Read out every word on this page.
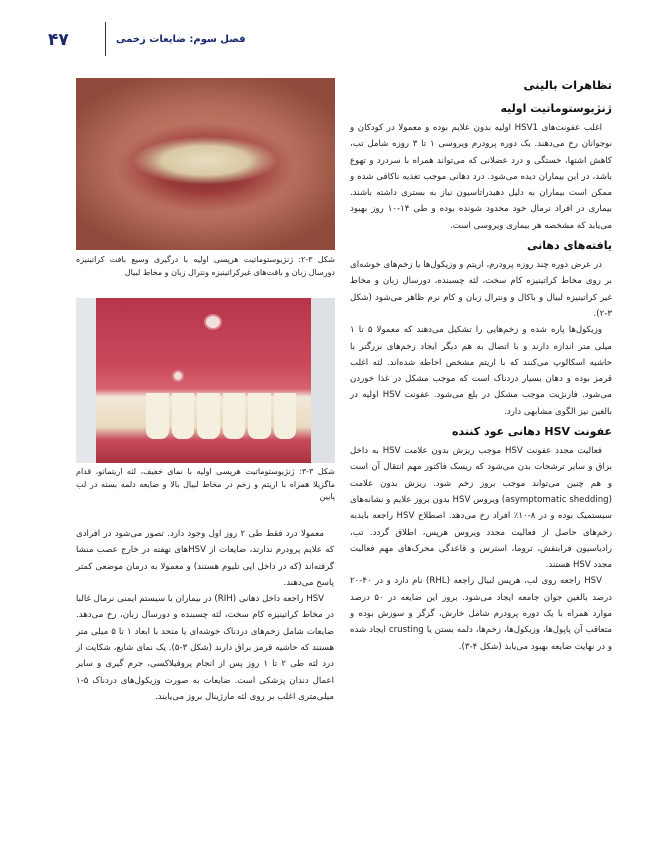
۴۷	فصل سوم: ضایعات زخمی
تظاهرات بالینی
ژنژیوستوماتیت اولیه

اغلب عفونت‌های HSV1 اولیه بدون علایم بوده و معمولا در کودکان و نوجوانان رخ می‌دهند. یک دوره پرودرم ویروسی ۱ تا ۳ روزه شامل تب، کاهش اشتها، خستگی و درد عضلانی که می‌تواند همراه با سردرد و تهوع باشد، در این بیماران دیده می‌شود. درد دهانی موجب تغذیه ناکافی شده و ممکن است بیماران به دلیل دهیدراتاسیون نیاز به بستری داشته باشند. بیماری در افراد نرمال خود محدود شونده بوده و طی ۱۴-۱۰ روز بهبود می‌یابد که مشخصه هر بیماری ویروسی است.

یافته‌های دهانی

در عرض دوره چند روزه پرودرم، اریتم و وزیکول‌ها یا زخم‌های خوشه‌ای بر روی مخاط کراتینیزه کام سخت، لثه چسبنده، دورسال زبان و مخاط غیر کراتینیزه لبیال و باکال و ونترال زبان و کام نرم ظاهر می‌شود (شکل ۳-۲).

وزیکول‌ها پاره شده و زخم‌هایی را تشکیل می‌دهند که معمولا ۵ تا ۱ میلی متر اندازه دارند و با اتصال به هم دیگر ایجاد زخم‌های بزرگتر با حاشیه اسکالوپ می‌کنند که با اریتم مشخص احاطه شده‌اند. لثه اغلب قرمز بوده و دهان بسیار دردناک است که موجب مشکل در غذا خوردن می‌شود. فارنژیت موجب مشکل در بلع می‌شود. عفونت HSV اولیه در بالغین نیز الگوی مشابهی دارد.

عفونت HSV دهانی عود کننده

فعالیت مجدد عفونت HSV موجب ریزش بدون علامت HSV به داخل بزاق و سایر ترشحات بدن می‌شود که ریسک فاکتور مهم انتقال آن است و هم چنین می‌تواند موجب بروز زخم شود. ریزش بدون علامت (asymptomatic shedding) ویروس HSV بدون بروز علایم و نشانه‌های سیستمیک بوده و در ۸-۱۰٪ افراد رخ می‌دهد. اصطلاح HSV راجعه بایدبه زخم‌های حاصل از فعالیت مجدد ویروس هرپس، اطلاق گردد. تب، رادیاسیون فرابنفش، تروما، استرس و قاعدگی محرک‌های مهم فعالیت مجدد HSV هستند.

HSV راجعه روی لب، هرپس لبیال راجعه (RHL) نام دارد و در ۴۰-۲۰ درصد بالغین جوان جامعه ایجاد می‌شود. بروز این ضایعه در ۵۰ درصد موارد همراه با یک دوره پرودرم شامل خارش، گزگز و سوزش بوده و متعاقب آن پاپول‌ها، وزیکول‌ها، زخم‌ها، دلمه بستن یا crusting ایجاد شده و در نهایت ضایعه بهبود می‌یابد (شکل ۴-۳).

شکل ۳-۲: ژنژیوستوماتیت هرپسی اولیه با درگیری وسیع بافت کراتینیزه دورسال زبان و بافت‌های غیرکراتینیزه ونترال زبان و مخاط لبیال
شکل ۳-۳: ژنژیوستوماتیت هرپسی اولیه با نمای خفیف، لثه اریتماتو، قدام ماگزیلا همراه با اریتم و زخم در مخاط لبیال بالا و ضایعه دلمه بسته در لب پایین

معمولا درد فقط طی ۲ روز اول وجود دارد. تصور می‌شود در افرادی که علایم پرودرم ندارند، ضایعات از HSVهای نهفته در خارج عصب منشا گرفته‌اند (که در داخل اپی تلیوم هستند) و معمولا به درمان موضعی کمتر پاسخ می‌دهند.

HSV راجعه داخل دهانی (RIH) در بیماران با سیستم ایمنی نرمال غالبا در مخاط کراتینیزه کام سخت، لثه چسبنده و دورسال زبان، رخ می‌دهد. ضایعات شامل زخم‌های دردناک خوشه‌ای یا متحد با ابعاد ۱ تا ۵ میلی متر هستند که حاشیه قرمز براق دارند (شکل ۳-۵). یک نمای شایع، شکایت از درد لثه طی ۲ تا ۱ روز پس از انجام پروفیلاکسی، جرم گیری و سایر اعمال دندان پزشکی است. ضایعات به صورت وزیکول‌های دردناک ۵-۱ میلی‌متری اغلب بر روی لثه مارژینال بروز می‌یابند.
